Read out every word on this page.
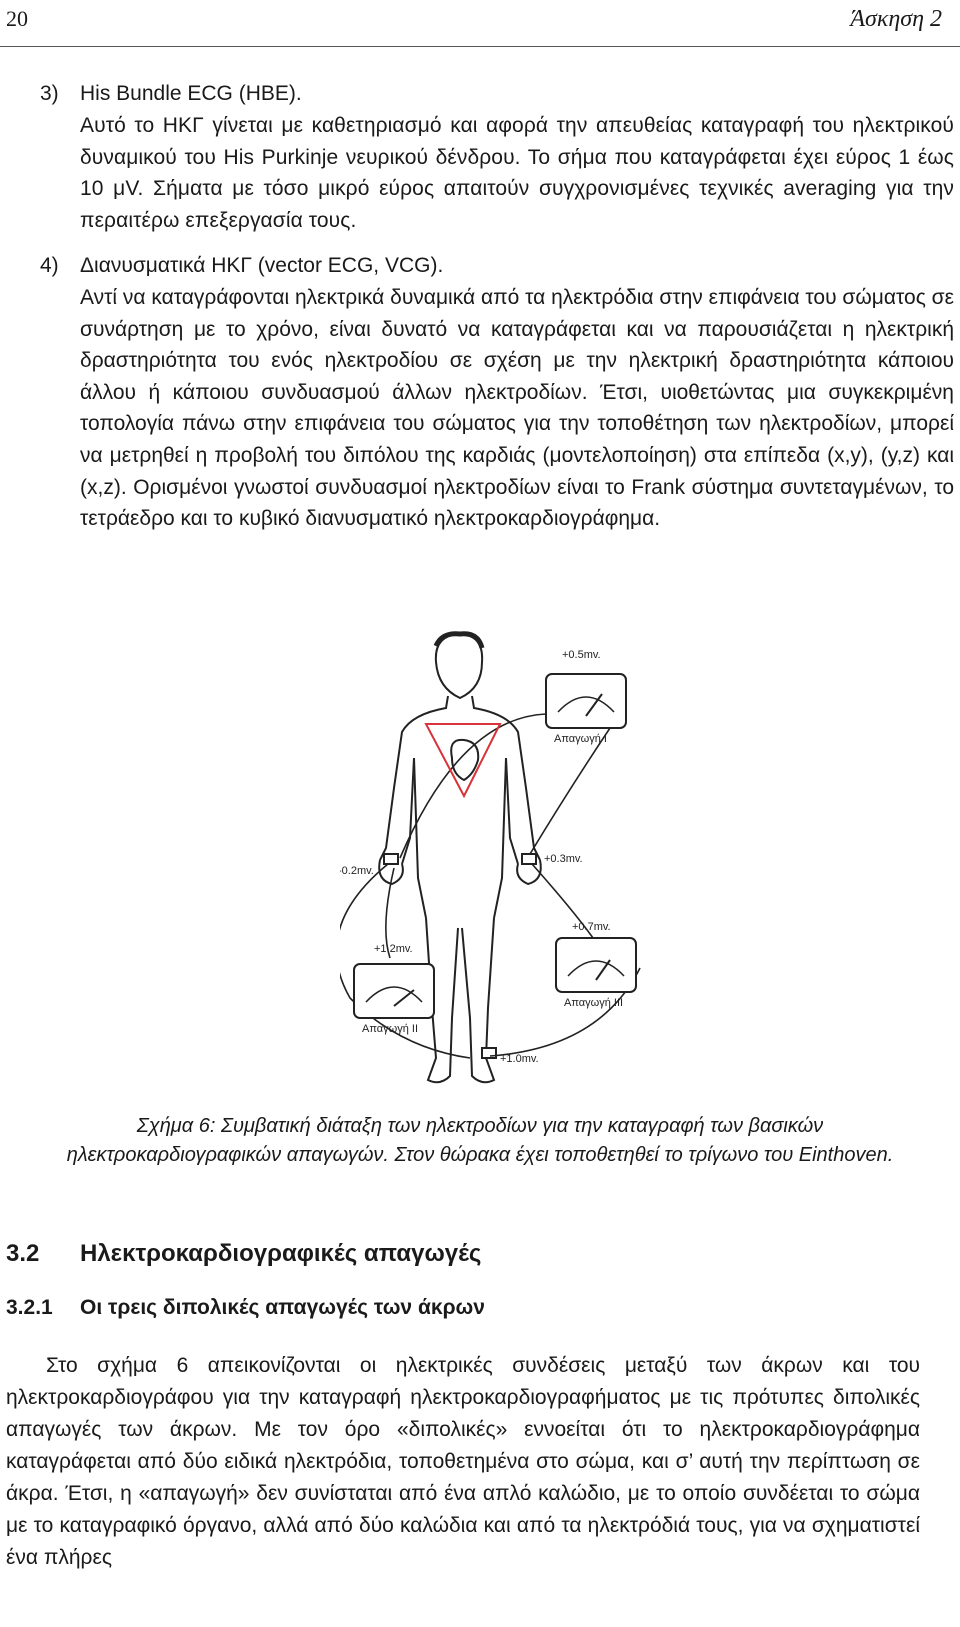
20	Άσκηση 2
3) His Bundle ECG (HBE).

Αυτό το ΗΚΓ γίνεται με καθετηριασμό και αφορά την απευθείας καταγραφή του ηλεκτρικού δυναμικού του His Purkinje νευρικού δένδρου. Το σήμα που καταγράφεται έχει εύρος 1 έως 10 μV. Σήματα με τόσο μικρό εύρος απαιτούν συγχρονισμένες τεχνικές averaging για την περαιτέρω επεξεργασία τους.

4) Διανυσματικά ΗΚΓ (vector ECG, VCG).

Αντί να καταγράφονται ηλεκτρικά δυναμικά από τα ηλεκτρόδια στην επιφάνεια του σώματος σε συνάρτηση με το χρόνο, είναι δυνατό να καταγράφεται και να παρουσιάζεται η ηλεκτρική δραστηριότητα του ενός ηλεκτροδίου σε σχέση με την ηλεκτρική δραστηριότητα κάποιου άλλου ή κάποιου συνδυασμού άλλων ηλεκτροδίων. Έτσι, υιοθετώντας μια συγκεκριμένη τοπολογία πάνω στην επιφάνεια του σώματος για την τοποθέτηση των ηλεκτροδίων, μπορεί να μετρηθεί η προβολή του διπόλου της καρδιάς (μοντελοποίηση) στα επίπεδα (x,y), (y,z) και (x,z). Ορισμένοι γνωστοί συνδυασμοί ηλεκτροδίων είναι το Frank σύστημα συντεταγμένων, το τετράεδρο και το κυβικό διανυσματικό ηλεκτροκαρδιογράφημα.

+0.5mv.
Απαγωγή I
-0.2mv.
+0.3mv.
+1.2mv.
Απαγωγή II
+0.7mv.
Απαγωγή III
+1.0mv.

Σχήμα 6: Συμβατική διάταξη των ηλεκτροδίων για την καταγραφή των βασικών ηλεκτροκαρδιογραφικών απαγωγών. Στον θώρακα έχει τοποθετηθεί το τρίγωνο του Einthoven.

3.2 Ηλεκτροκαρδιογραφικές απαγωγές
3.2.1 Οι τρεις διπολικές απαγωγές των άκρων

Στο σχήμα 6 απεικονίζονται οι ηλεκτρικές συνδέσεις μεταξύ των άκρων και του ηλεκτροκαρδιογράφου για την καταγραφή ηλεκτροκαρδιογραφήματος με τις πρότυπες διπολικές απαγωγές των άκρων. Με τον όρο «διπολικές» εννοείται ότι το ηλεκτροκαρδιογράφημα καταγράφεται από δύο ειδικά ηλεκτρόδια, τοποθετημένα στο σώμα, και σ’ αυτή την περίπτωση σε άκρα. Έτσι, η «απαγωγή» δεν συνίσταται από ένα απλό καλώδιο, με το οποίο συνδέεται το σώμα με το καταγραφικό όργανο, αλλά από δύο καλώδια και από τα ηλεκτρόδιά τους, για να σχηματιστεί ένα πλήρες
